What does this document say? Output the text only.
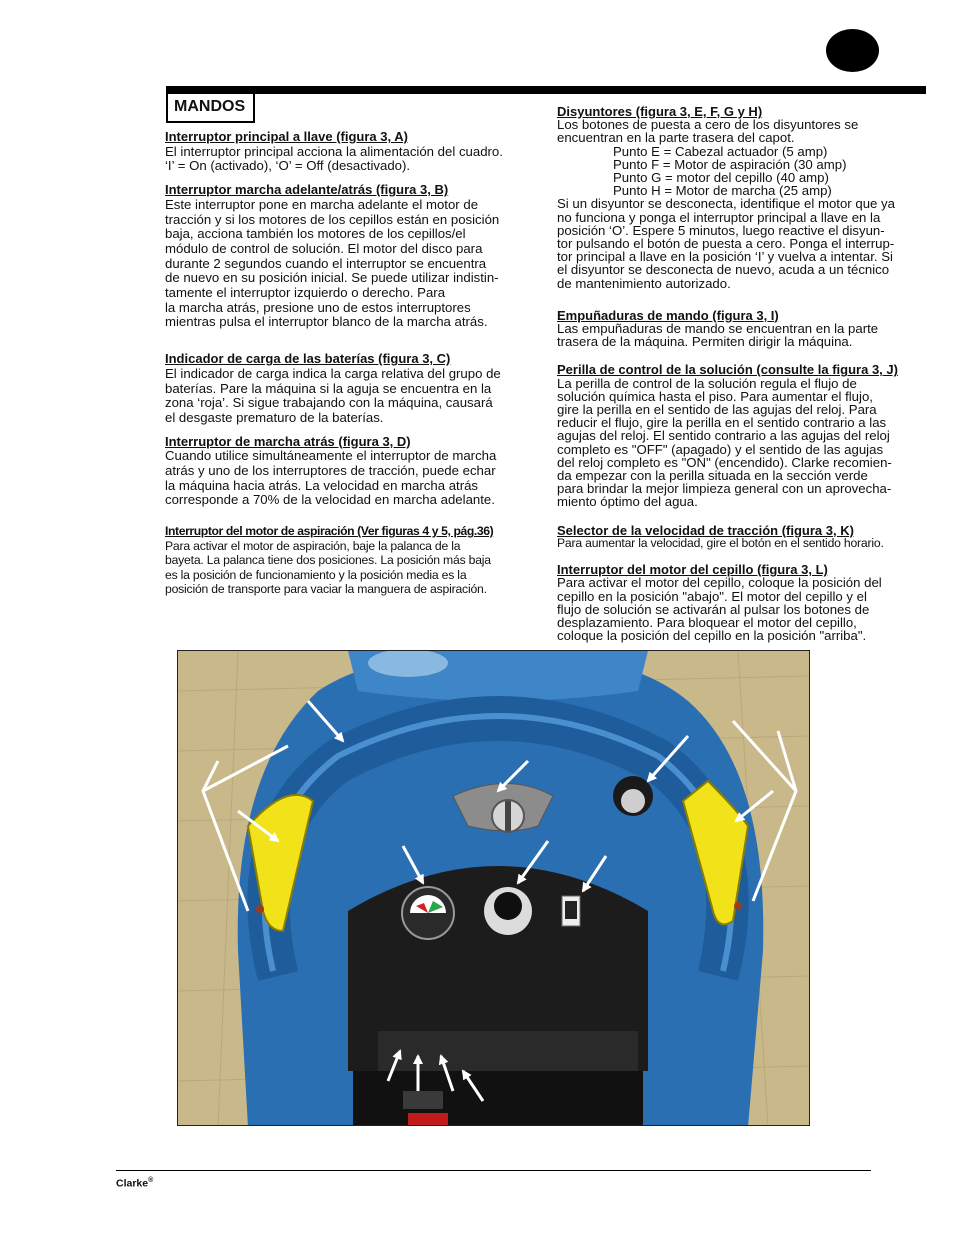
MANDOS
Interruptor principal a llave (figura 3, A)

El interruptor principal acciona la alimentación del cuadro.

‘I’ = On (activado), ‘O’ = Off (desactivado).

Interruptor marcha adelante/atrás (figura 3, B)

Este interruptor pone en marcha adelante el motor de

tracción y si los motores de los cepillos están en posición

baja, acciona también los motores de los cepillos/el

módulo de control de solución. El motor del disco para

durante 2 segundos cuando el interruptor se encuentra

de nuevo en su posición inicial. Se puede utilizar indistin-

tamente el interruptor izquierdo o derecho. Para

la marcha atrás, presione uno de estos interruptores

mientras pulsa el interruptor blanco de la marcha atrás.

Indicador de carga de las baterías (figura 3, C)

El indicador de carga indica la carga relativa del grupo de

baterías. Pare la máquina si la aguja se encuentra en la

zona ‘roja’. Si sigue trabajando con la máquina, causará

el desgaste prematuro de la baterías.

Interruptor de marcha atrás (figura 3, D)

Cuando utilice simultáneamente el interruptor de marcha

atrás y uno de los interruptores de tracción, puede echar

la máquina hacia atrás. La velocidad en marcha atrás

corresponde a 70% de la velocidad en marcha adelante.

Interruptor del motor de aspiración (Ver figuras 4 y 5, pág.36)

Para activar el motor de aspiración, baje la palanca de la

bayeta. La palanca tiene dos posiciones. La posición más baja

es la posición de funcionamiento y la posición media es la

posición de transporte para vaciar la manguera de aspiración.

Disyuntores (figura 3, E, F, G y H)

Los botones de puesta a cero de los disyuntores se

encuentran en la parte trasera del capot.

Punto E = Cabezal actuador (5 amp)
Punto F = Motor de aspiración (30 amp)
Punto G = motor del cepillo (40 amp)
Punto H = Motor de marcha (25 amp)

Si un disyuntor se desconecta, identifique el motor que ya

no funciona y ponga el interruptor principal a llave en la

posición ‘O’. Espere 5 minutos, luego reactive el disyun-

tor pulsando el botón de puesta a cero. Ponga el interrup-

tor principal a llave en la posición ‘I’ y vuelva a intentar. Si

el disyuntor se desconecta de nuevo, acuda a un técnico

de mantenimiento autorizado.

Empuñaduras de mando (figura 3, I)

Las empuñaduras de mando se encuentran en la parte

trasera de la máquina. Permiten dirigir la máquina.

Perilla de control de la solución (consulte la figura 3, J)

La perilla de control de la solución regula el flujo de

solución química hasta el piso. Para aumentar el flujo,

gire la perilla en el sentido de las agujas del reloj. Para

reducir el flujo, gire la perilla en el sentido contrario a las

agujas del reloj. El sentido contrario a las agujas del reloj

completo es "OFF" (apagado) y el sentido de las agujas

del reloj completo es "ON" (encendido). Clarke recomien-

da empezar con la perilla situada en la sección verde

para brindar la mejor limpieza general con un aprovecha-

miento óptimo del agua.

Selector de la velocidad de tracción (figura 3, K)

Para aumentar la velocidad, gire el botón en el sentido horario.

Interruptor del motor del cepillo (figura 3, L)

Para activar el motor del cepillo, coloque la posición del

cepillo en la posición "abajo". El motor del cepillo y el

flujo de solución se activarán al pulsar los botones de

desplazamiento. Para bloquear el motor del cepillo,

coloque la posición del cepillo en la posición "arriba".

Clarke®
